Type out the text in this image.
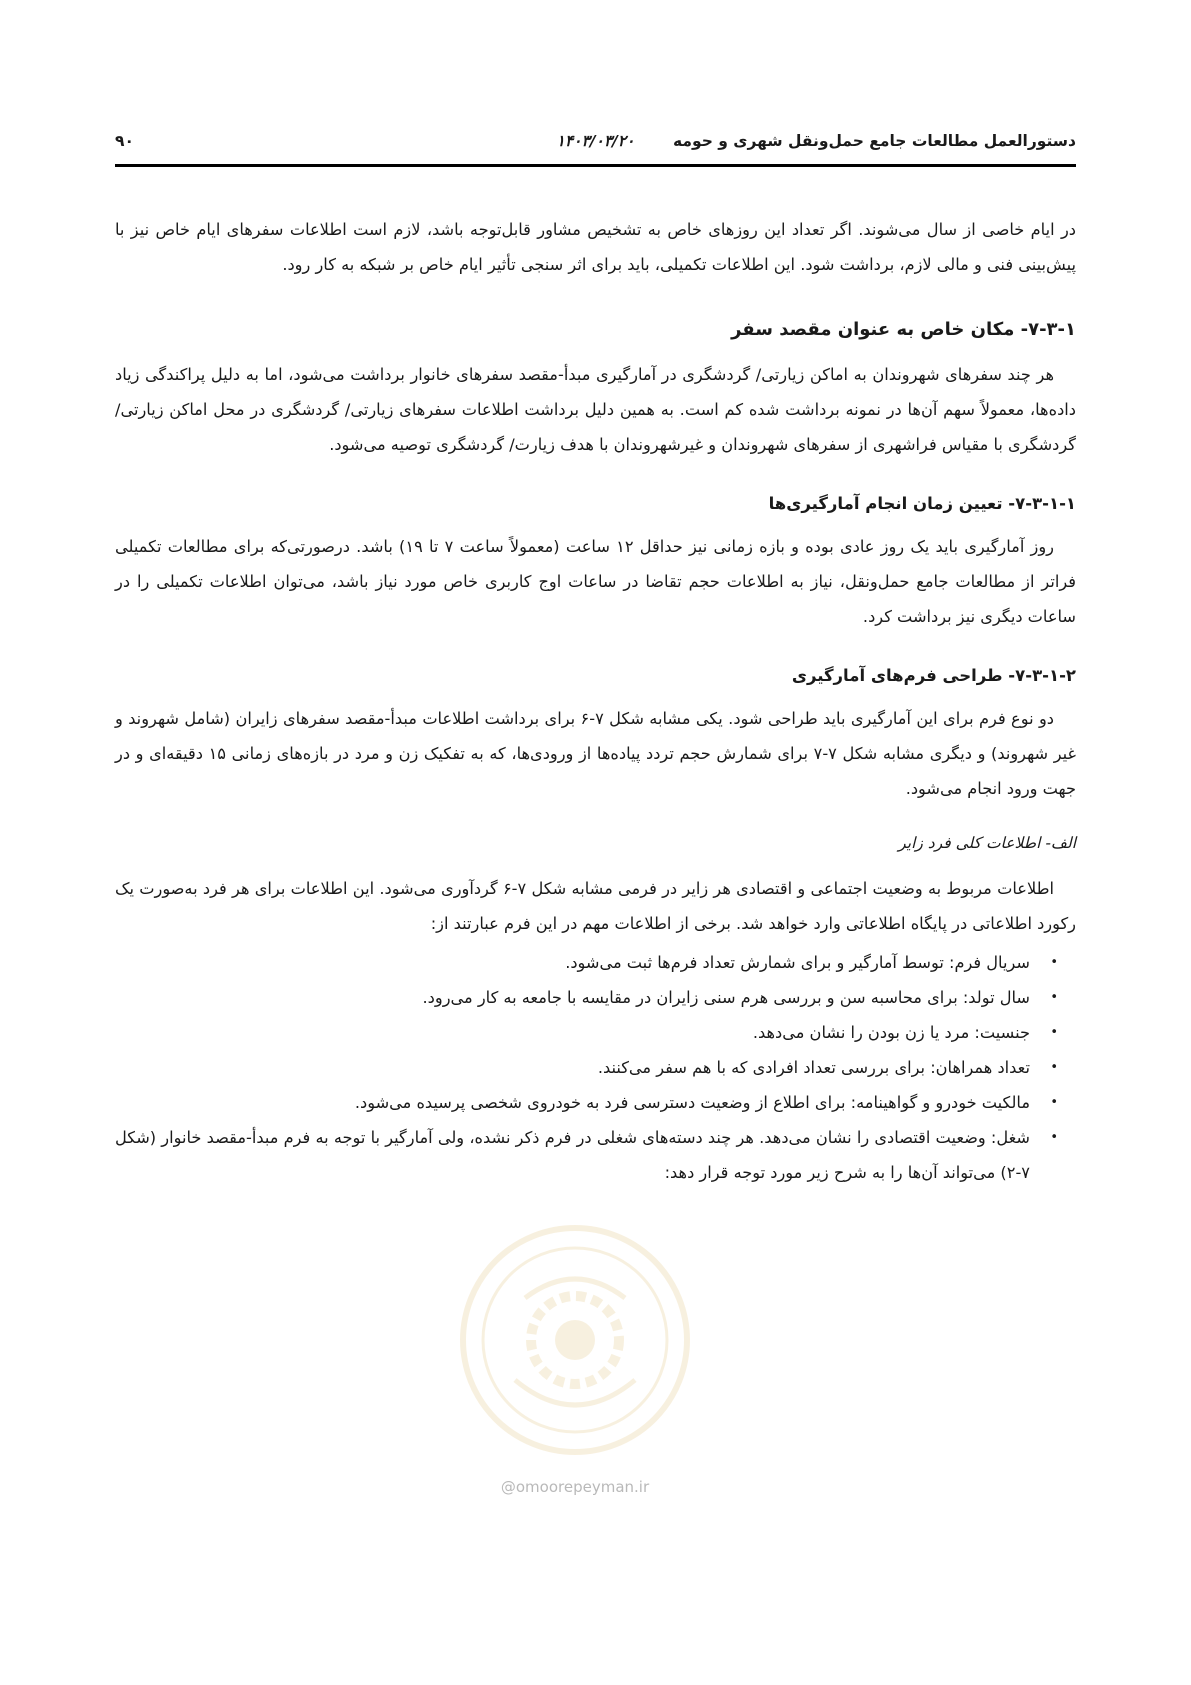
دستورالعمل مطالعات جامع حمل‌ونقل شهری و حومه
۱۴۰۳/۰۳/۲۰
۹۰

در ایام خاصی از سال می‌شوند. اگر تعداد این روزهای خاص به تشخیص مشاور قابل‌توجه باشد، لازم است اطلاعات سفرهای ایام خاص نیز با پیش‌بینی فنی و مالی لازم، برداشت شود. این اطلاعات تکمیلی، باید برای اثر سنجی تأثیر ایام خاص بر شبکه به کار رود.

۷-۳-۱- مکان خاص به عنوان مقصد سفر

هر چند سفرهای شهروندان به اماکن زیارتی/ گردشگری در آمارگیری مبدأ-مقصد سفرهای خانوار برداشت می‌شود، اما به دلیل پراکندگی زیاد داده‌ها، معمولاً سهم آن‌ها در نمونه برداشت شده کم است. به همین دلیل برداشت اطلاعات سفرهای زیارتی/ گردشگری در محل اماکن زیارتی/ گردشگری با مقیاس فراشهری از سفرهای شهروندان و غیرشهروندان با هدف زیارت/ گردشگری توصیه می‌شود.

۷-۳-۱-۱- تعیین زمان انجام آمارگیری‌ها

روز آمارگیری باید یک روز عادی بوده و بازه زمانی نیز حداقل ۱۲ ساعت (معمولاً ساعت ۷ تا ۱۹) باشد. درصورتی‌که برای مطالعات تکمیلی فراتر از مطالعات جامع حمل‌ونقل، نیاز به اطلاعات حجم تقاضا در ساعات اوج کاربری خاص مورد نیاز باشد، می‌توان اطلاعات تکمیلی را در ساعات دیگری نیز برداشت کرد.

۷-۳-۱-۲- طراحی فرم‌های آمارگیری

دو نوع فرم برای این آمارگیری باید طراحی شود. یکی مشابه شکل ۷-۶ برای برداشت اطلاعات مبدأ-مقصد سفرهای زایران (شامل شهروند و غیر شهروند) و دیگری مشابه شکل ۷-۷ برای شمارش حجم تردد پیاده‌ها از ورودی‌ها، که به تفکیک زن و مرد در بازه‌های زمانی ۱۵ دقیقه‌ای و در جهت ورود انجام می‌شود.

الف- اطلاعات کلی فرد زایر

اطلاعات مربوط به وضعیت اجتماعی و اقتصادی هر زایر در فرمی مشابه شکل ۷-۶ گردآوری می‌شود. این اطلاعات برای هر فرد به‌صورت یک رکورد اطلاعاتی در پایگاه اطلاعاتی وارد خواهد شد. برخی از اطلاعات مهم در این فرم عبارتند از:

•
سریال فرم: توسط آمارگیر و برای شمارش تعداد فرم‌ها ثبت می‌شود.
•
سال تولد: برای محاسبه سن و بررسی هرم سنی زایران در مقایسه با جامعه به کار می‌رود.
•
جنسیت: مرد یا زن بودن را نشان می‌دهد.
•
تعداد همراهان: برای بررسی تعداد افرادی که با هم سفر می‌کنند.
•
مالکیت خودرو و گواهینامه: برای اطلاع از وضعیت دسترسی فرد به خودروی شخصی پرسیده می‌شود.
•
شغل: وضعیت اقتصادی را نشان می‌دهد. هر چند دسته‌های شغلی در فرم ذکر نشده، ولی آمارگیر با توجه به فرم مبدأ-مقصد خانوار (شکل ۷-۲) می‌تواند آن‌ها را به شرح زیر مورد توجه قرار دهد:
@omoorepeyman.ir
